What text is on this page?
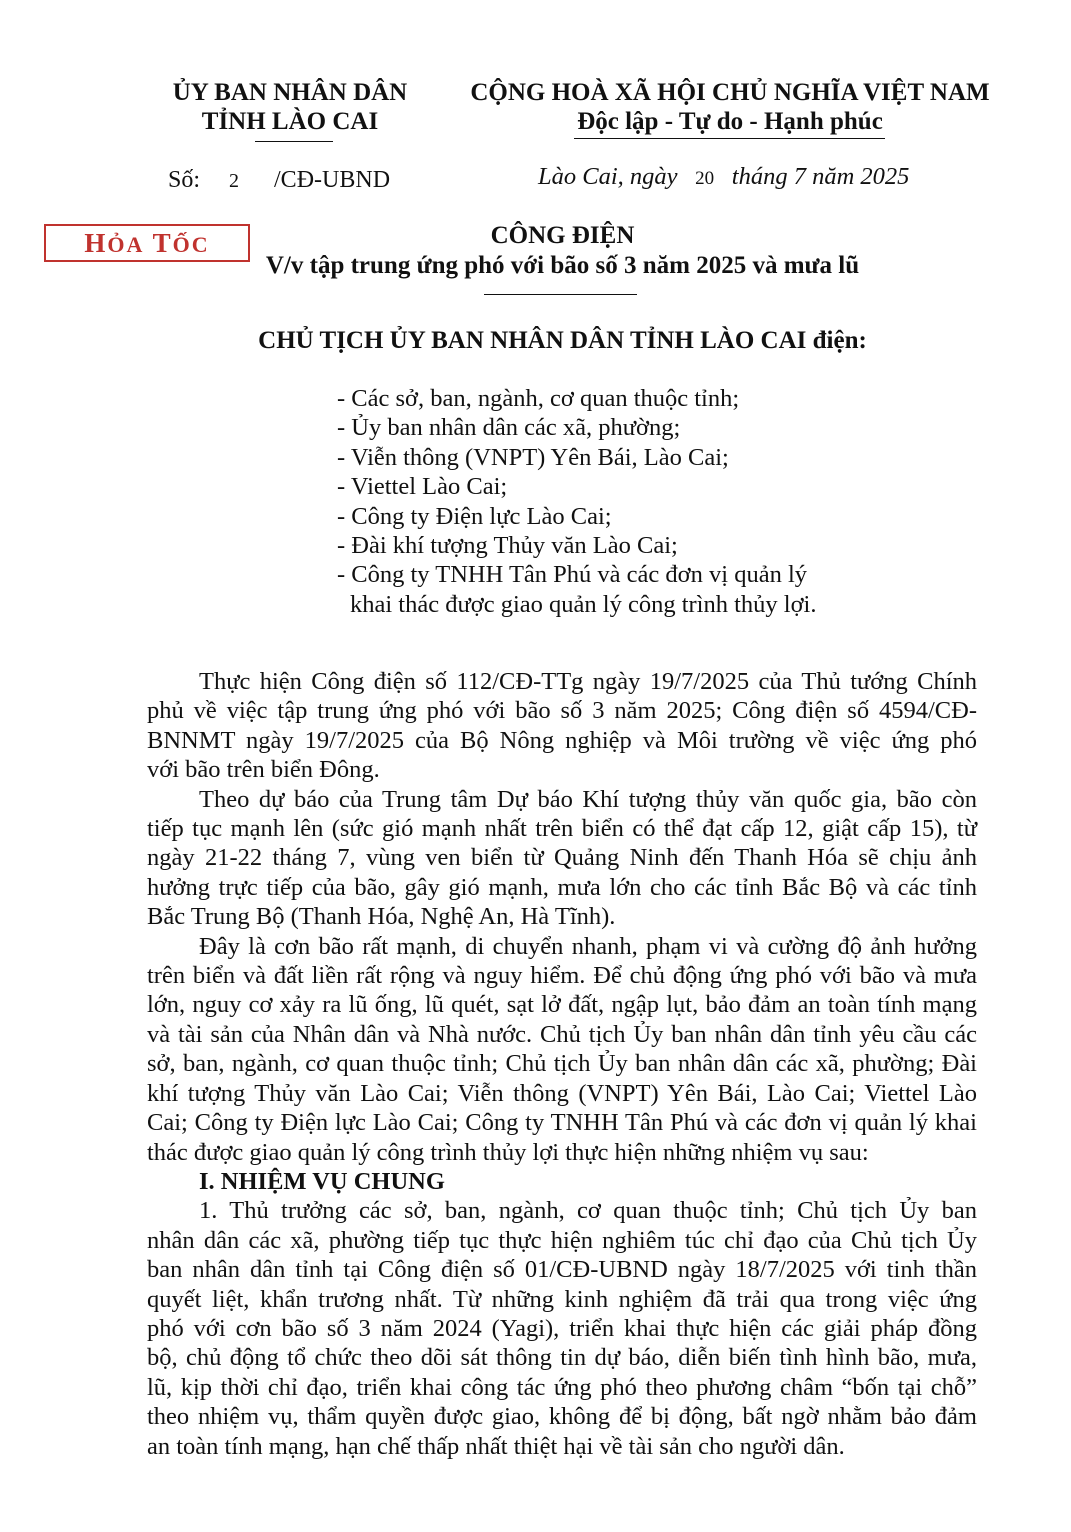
ỦY BAN NHÂN DÂN
TỈNH LÀO CAI
CỘNG HOÀ XÃ HỘI CHỦ NGHĨA VIỆT NAM
Độc lập - Tự do - Hạnh phúc
Số: 2 /CĐ-UBND	Lào Cai, ngày 20 tháng 7 năm 2025
HỎA TỐC	CÔNG ĐIỆN
V/v tập trung ứng phó với bão số 3 năm 2025 và mưa lũ
CHỦ TỊCH ỦY BAN NHÂN DÂN TỈNH LÀO CAI điện:
- Các sở, ban, ngành, cơ quan thuộc tỉnh;
- Ủy ban nhân dân các xã, phường;
- Viễn thông (VNPT) Yên Bái, Lào Cai;
- Viettel Lào Cai;
- Công ty Điện lực Lào Cai;
- Đài khí tượng Thủy văn Lào Cai;
- Công ty TNHH Tân Phú và các đơn vị quản lý
khai thác được giao quản lý công trình thủy lợi.
Thực hiện Công điện số 112/CĐ-TTg ngày 19/7/2025 của Thủ tướng Chính
phủ về việc tập trung ứng phó với bão số 3 năm 2025; Công điện số 4594/CĐ-
BNNMT ngày 19/7/2025 của Bộ Nông nghiệp và Môi trường về việc ứng phó
với bão trên biển Đông.
Theo dự báo của Trung tâm Dự báo Khí tượng thủy văn quốc gia, bão còn
tiếp tục mạnh lên (sức gió mạnh nhất trên biển có thể đạt cấp 12, giật cấp 15), từ
ngày 21-22 tháng 7, vùng ven biển từ Quảng Ninh đến Thanh Hóa sẽ chịu ảnh
hưởng trực tiếp của bão, gây gió mạnh, mưa lớn cho các tỉnh Bắc Bộ và các tỉnh
Bắc Trung Bộ (Thanh Hóa, Nghệ An, Hà Tĩnh).
Đây là cơn bão rất mạnh, di chuyển nhanh, phạm vi và cường độ ảnh hưởng
trên biển và đất liền rất rộng và nguy hiểm. Để chủ động ứng phó với bão và mưa
lớn, nguy cơ xảy ra lũ ống, lũ quét, sạt lở đất, ngập lụt, bảo đảm an toàn tính mạng
và tài sản của Nhân dân và Nhà nước. Chủ tịch Ủy ban nhân dân tỉnh yêu cầu các
sở, ban, ngành, cơ quan thuộc tỉnh; Chủ tịch Ủy ban nhân dân các xã, phường; Đài
khí tượng Thủy văn Lào Cai; Viễn thông (VNPT) Yên Bái, Lào Cai; Viettel Lào
Cai; Công ty Điện lực Lào Cai; Công ty TNHH Tân Phú và các đơn vị quản lý khai
thác được giao quản lý công trình thủy lợi thực hiện những nhiệm vụ sau:
I. NHIỆM VỤ CHUNG
1. Thủ trưởng các sở, ban, ngành, cơ quan thuộc tỉnh; Chủ tịch Ủy ban
nhân dân các xã, phường tiếp tục thực hiện nghiêm túc chỉ đạo của Chủ tịch Ủy
ban nhân dân tỉnh tại Công điện số 01/CĐ-UBND ngày 18/7/2025 với tinh thần
quyết liệt, khẩn trương nhất. Từ những kinh nghiệm đã trải qua trong việc ứng
phó với cơn bão số 3 năm 2024 (Yagi), triển khai thực hiện các giải pháp đồng
bộ, chủ động tổ chức theo dõi sát thông tin dự báo, diễn biến tình hình bão, mưa,
lũ, kịp thời chỉ đạo, triển khai công tác ứng phó theo phương châm “bốn tại chỗ”
theo nhiệm vụ, thẩm quyền được giao, không để bị động, bất ngờ nhằm bảo đảm
an toàn tính mạng, hạn chế thấp nhất thiệt hại về tài sản cho người dân.
